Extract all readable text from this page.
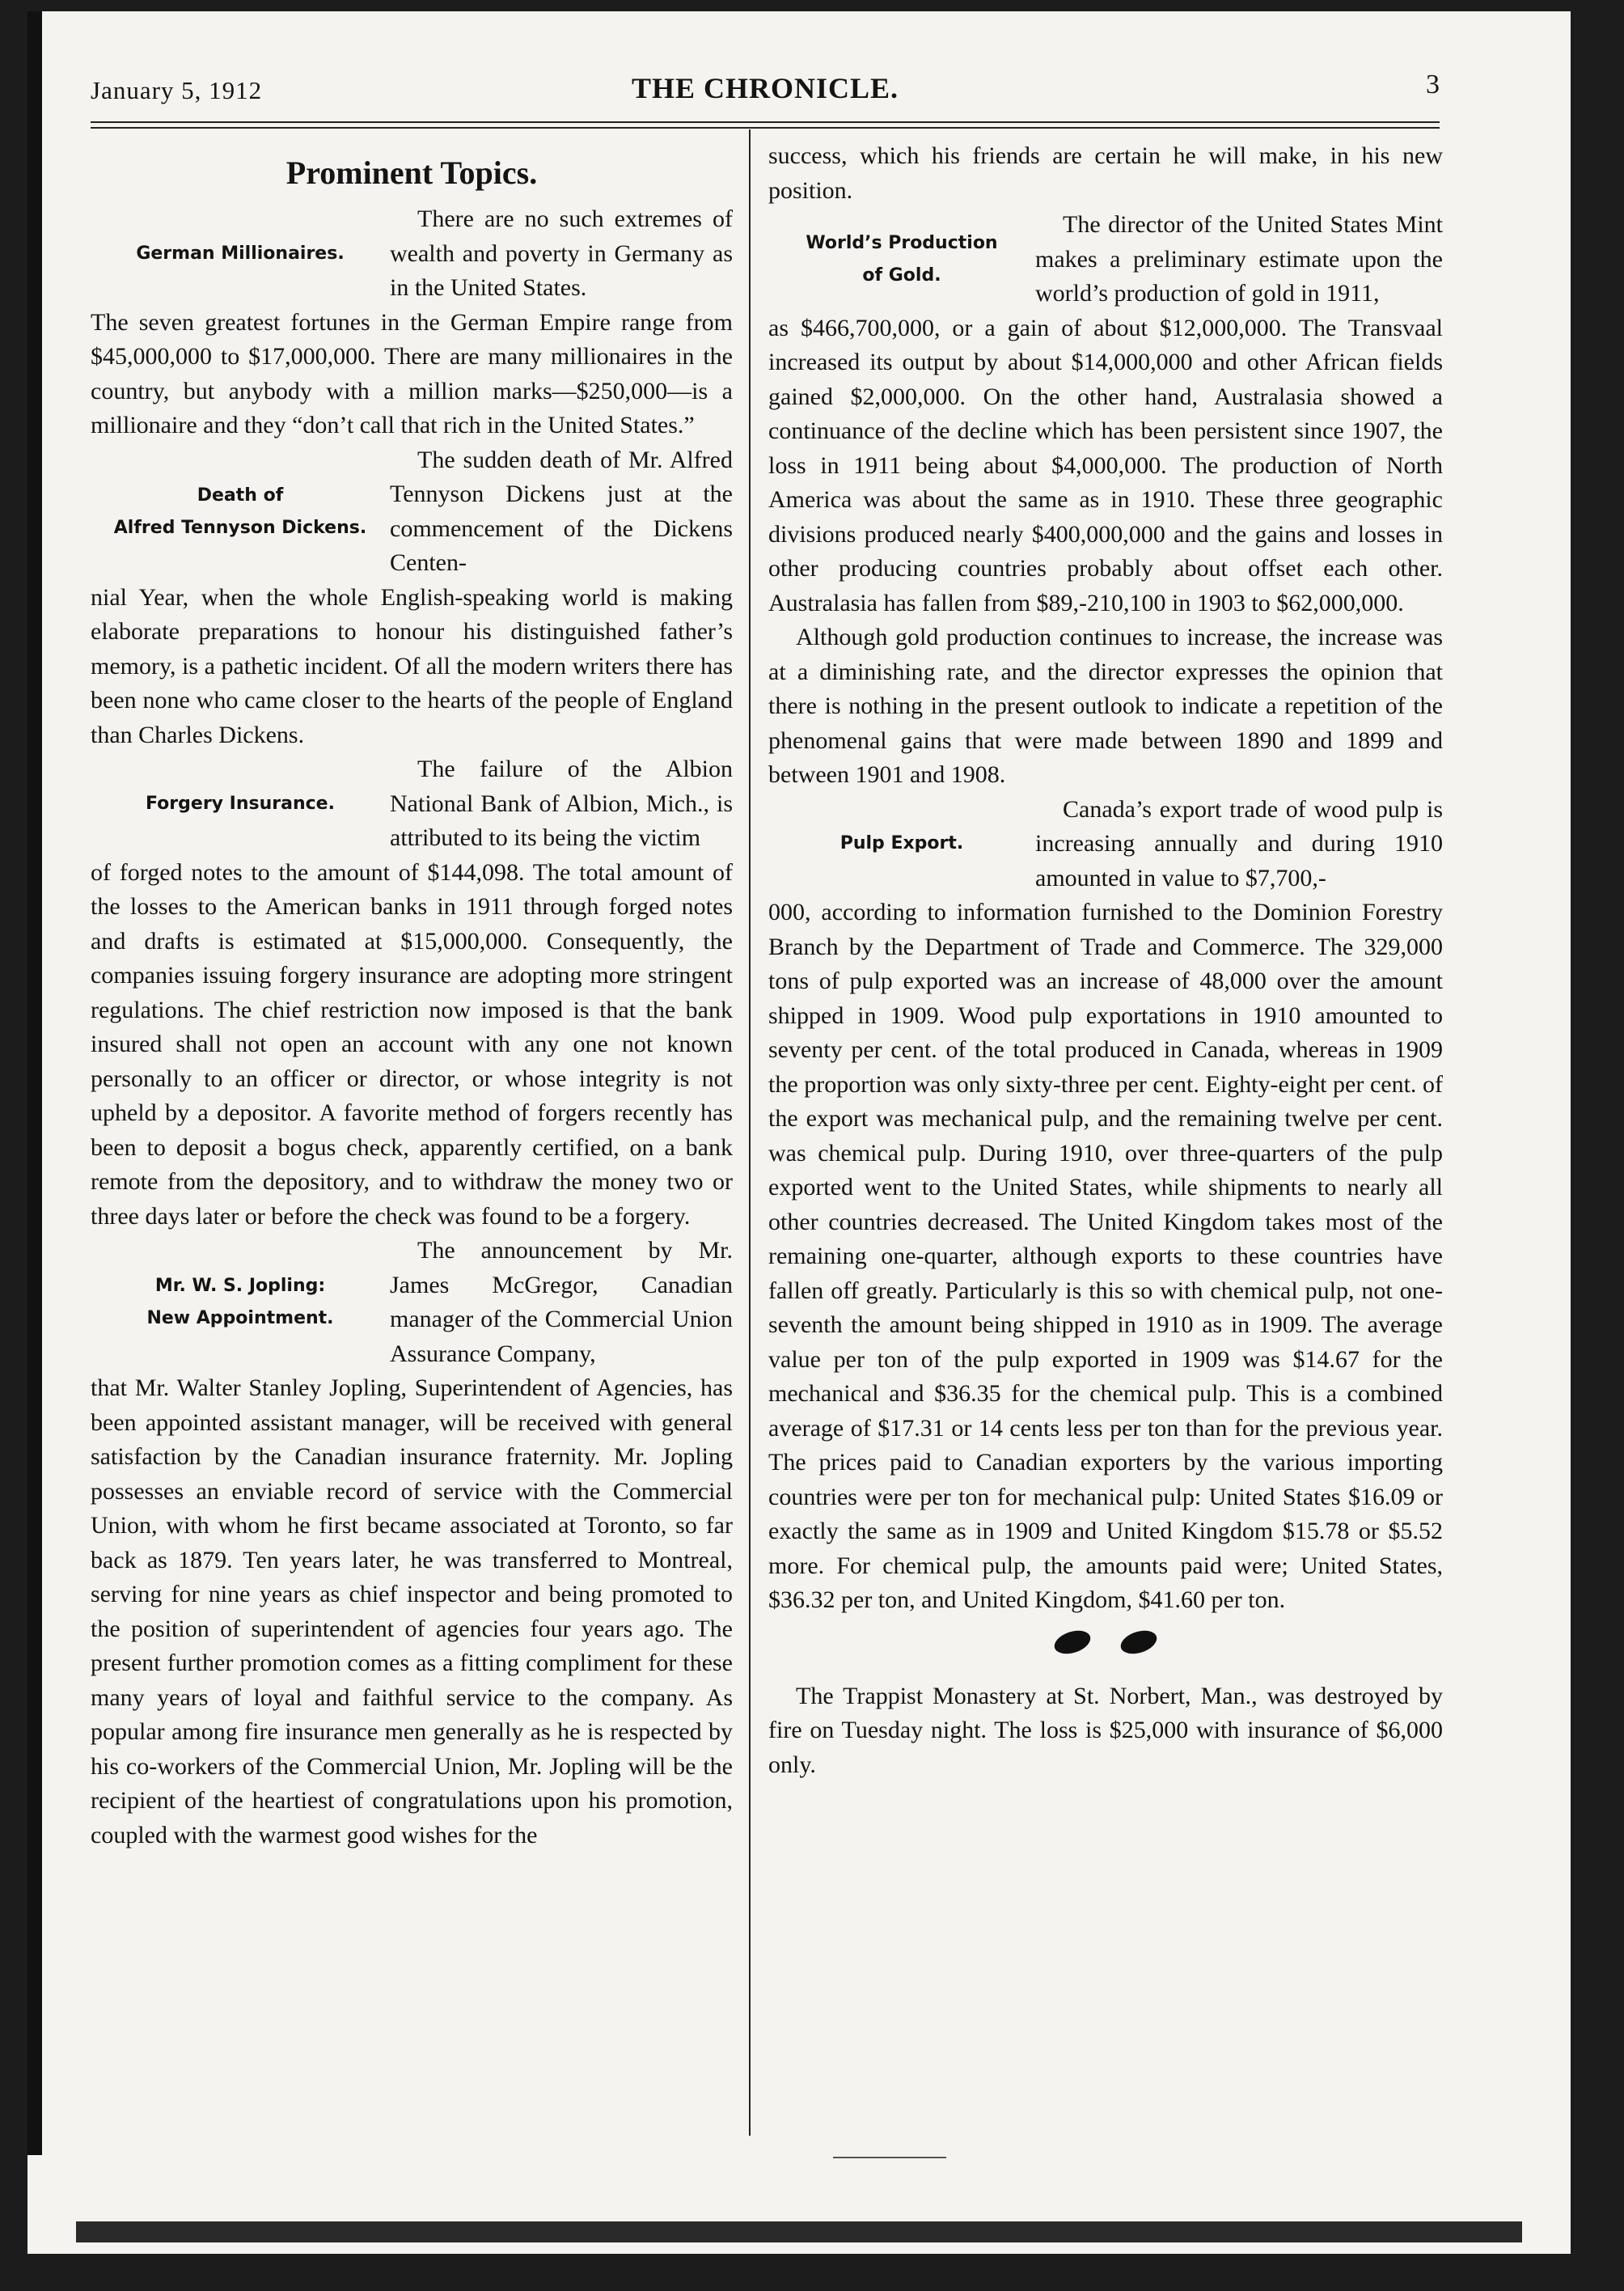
January 5, 1912	THE CHRONICLE.	3
Prominent Topics.
German Millionaires.
There are no such extremes of wealth and poverty in Germany as in the United States.

The seven greatest fortunes in the German Empire range from $45,000,000 to $17,000,000. There are many millionaires in the country, but anybody with a million marks—$250,000—is a millionaire and they “don’t call that rich in the United States.”

Death of
Alfred Tennyson Dickens.
The sudden death of Mr. Alfred Tennyson Dickens just at the commencement of the Dickens Centen-

nial Year, when the whole English-speaking world is making elaborate preparations to honour his distinguished father’s memory, is a pathetic incident. Of all the modern writers there has been none who came closer to the hearts of the people of England than Charles Dickens.

Forgery Insurance.
The failure of the Albion National Bank of Albion, Mich., is attributed to its being the victim

of forged notes to the amount of $144,098. The total amount of the losses to the American banks in 1911 through forged notes and drafts is estimated at $15,000,000. Consequently, the companies issuing forgery insurance are adopting more stringent regulations. The chief restriction now imposed is that the bank insured shall not open an account with any one not known personally to an officer or director, or whose integrity is not upheld by a depositor. A favorite method of forgers recently has been to deposit a bogus check, apparently certified, on a bank remote from the depository, and to withdraw the money two or three days later or before the check was found to be a forgery.

Mr. W. S. Jopling:
New Appointment.
The announcement by Mr. James McGregor, Canadian manager of the Commercial Union Assurance Company,

that Mr. Walter Stanley Jopling, Superintendent of Agencies, has been appointed assistant manager, will be received with general satisfaction by the Canadian insurance fraternity. Mr. Jopling possesses an enviable record of service with the Commercial Union, with whom he first became associated at Toronto, so far back as 1879. Ten years later, he was transferred to Montreal, serving for nine years as chief inspector and being promoted to the position of superintendent of agencies four years ago. The present further promotion comes as a fitting compliment for these many years of loyal and faithful service to the company. As popular among fire insurance men generally as he is respected by his co-workers of the Commercial Union, Mr. Jopling will be the recipient of the heartiest of congratulations upon his promotion, coupled with the warmest good wishes for the

success, which his friends are certain he will make, in his new position.

World’s Production
of Gold.
The director of the United States Mint makes a preliminary estimate upon the world’s production of gold in 1911,

as $466,700,000, or a gain of about $12,000,000. The Transvaal increased its output by about $14,000,000 and other African fields gained $2,000,000. On the other hand, Australasia showed a continuance of the decline which has been persistent since 1907, the loss in 1911 being about $4,000,000. The production of North America was about the same as in 1910. These three geographic divisions produced nearly $400,000,000 and the gains and losses in other producing countries probably about offset each other. Australasia has fallen from $89,-210,100 in 1903 to $62,000,000.

Although gold production continues to increase, the increase was at a diminishing rate, and the director expresses the opinion that there is nothing in the present outlook to indicate a repetition of the phenomenal gains that were made between 1890 and 1899 and between 1901 and 1908.

Pulp Export.
Canada’s export trade of wood pulp is increasing annually and during 1910 amounted in value to $7,700,-

000, according to information furnished to the Dominion Forestry Branch by the Department of Trade and Commerce. The 329,000 tons of pulp exported was an increase of 48,000 over the amount shipped in 1909. Wood pulp exportations in 1910 amounted to seventy per cent. of the total produced in Canada, whereas in 1909 the proportion was only sixty-three per cent. Eighty-eight per cent. of the export was mechanical pulp, and the remaining twelve per cent. was chemical pulp. During 1910, over three-quarters of the pulp exported went to the United States, while shipments to nearly all other countries decreased. The United Kingdom takes most of the remaining one-quarter, although exports to these countries have fallen off greatly. Particularly is this so with chemical pulp, not one-seventh the amount being shipped in 1910 as in 1909. The average value per ton of the pulp exported in 1909 was $14.67 for the mechanical and $36.35 for the chemical pulp. This is a combined average of $17.31 or 14 cents less per ton than for the previous year. The prices paid to Canadian exporters by the various importing countries were per ton for mechanical pulp: United States $16.09 or exactly the same as in 1909 and United Kingdom $15.78 or $5.52 more. For chemical pulp, the amounts paid were; United States, $36.32 per ton, and United Kingdom, $41.60 per ton.

The Trappist Monastery at St. Norbert, Man., was destroyed by fire on Tuesday night. The loss is $25,000 with insurance of $6,000 only.
